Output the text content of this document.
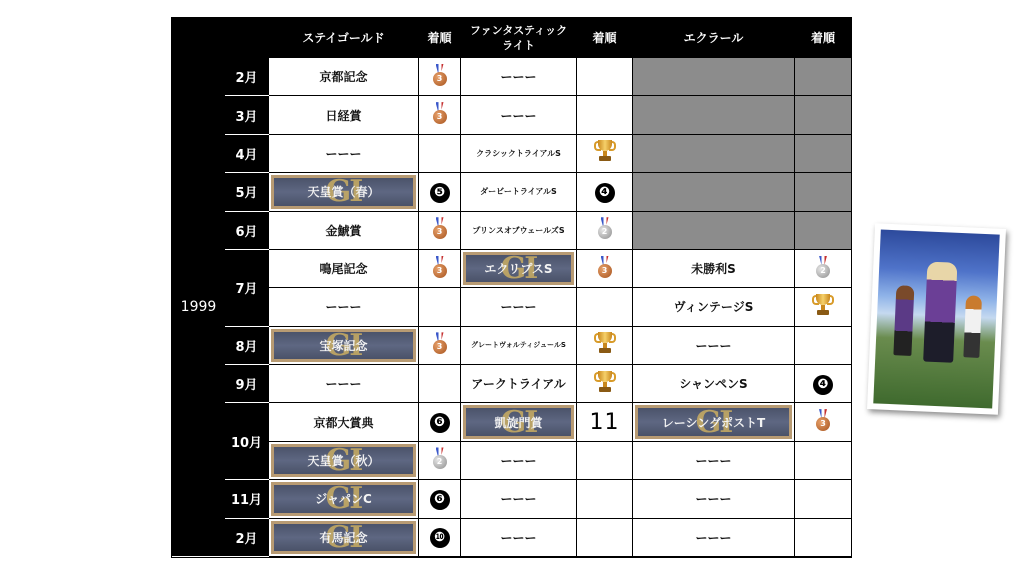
		ステイゴールド	着順	ファンタスティック
ライト	着順	エクラール	着順
1999	2月	京都記念	3	ーーー			
	3月	日経賞	3	ーーー			
	4月	ーーー		クラシックトライアルS	

	5月	GI 天皇賞（春）	❺	ダービートライアルS	❹		
	6月	金鯱賞	3	プリンスオブウェールズS	2		

	7月	鳴尾記念	3	GI エクリプスS	3	未勝利S	2

		ーーー		ーーー		ヴィンテージS	

	8月	GI 宝塚記念	3	グレートヴォルティジュールS		ーーー	
	9月	ーーー		アークトライアル		シャンペンS	❹
	10月	京都大賞典	❻	GI 凱旋門賞	11	GI レーシングポストT	3

		GI 天皇賞（秋）	2	ーーー		ーーー	
	11月	GI ジャパンC	❻	ーーー		ーーー	
	2月	GI 有馬記念	❿	ーーー		ーーー	
